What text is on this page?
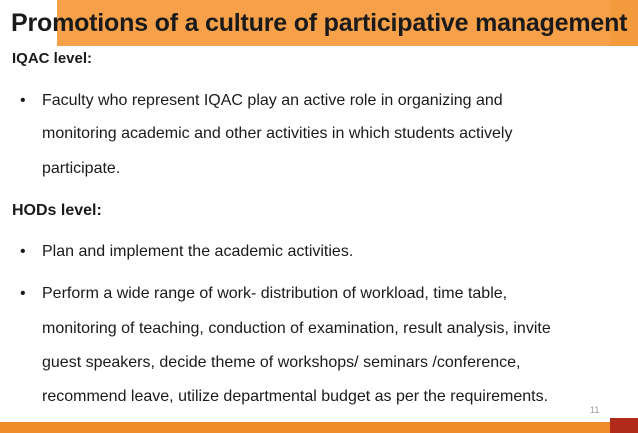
Promotions of a culture of participative management
IQAC level:
• Faculty who represent IQAC play an active role in organizing and
monitoring academic and other activities in which students actively
participate.
HODs level:
• Plan and implement the academic activities.
• Perform a wide range of work- distribution of workload, time table,
monitoring of teaching, conduction of examination, result analysis, invite
guest speakers, decide theme of workshops/ seminars /conference,
recommend leave, utilize departmental budget as per the requirements.
11
